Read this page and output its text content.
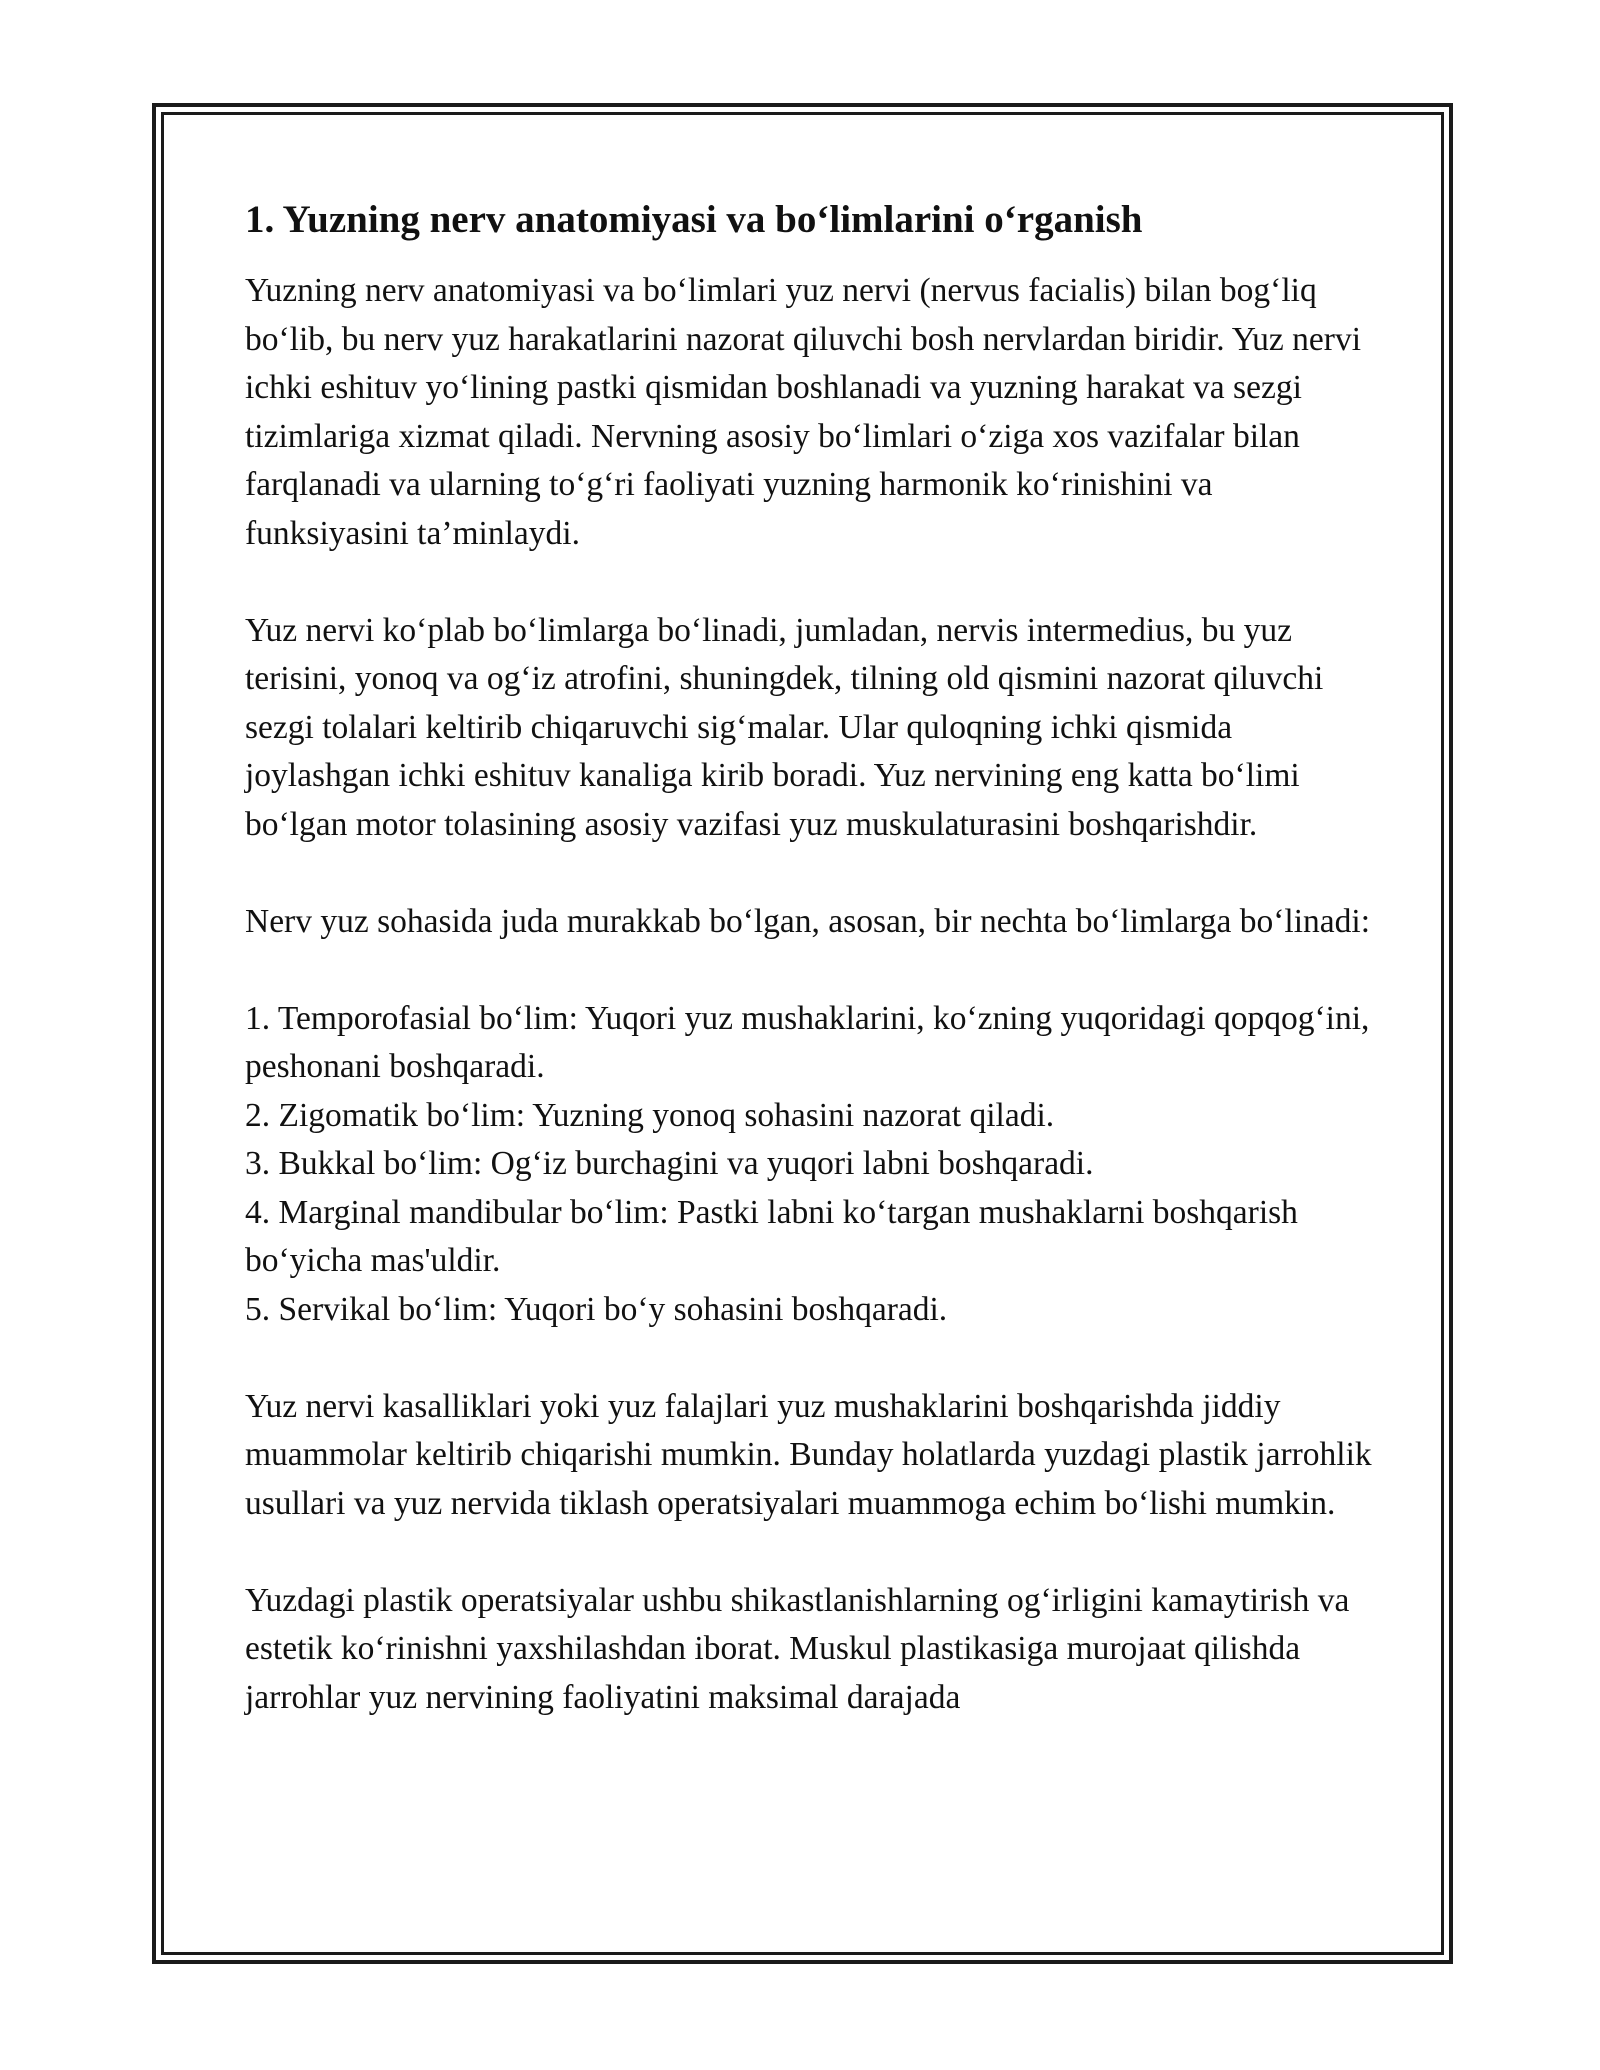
1. Yuzning nerv anatomiyasi va bo‘limlarini o‘rganish

Yuzning nerv anatomiyasi va bo‘limlari yuz nervi (nervus facialis) bilan bog‘liq bo‘lib, bu nerv yuz harakatlarini nazorat qiluvchi bosh nervlardan biridir. Yuz nervi ichki eshituv yo‘lining pastki qismidan boshlanadi va yuzning harakat va sezgi tizimlariga xizmat qiladi. Nervning asosiy bo‘limlari o‘ziga xos vazifalar bilan farqlanadi va ularning to‘g‘ri faoliyati yuzning harmonik ko‘rinishini va funksiyasini ta’minlaydi.

Yuz nervi ko‘plab bo‘limlarga bo‘linadi, jumladan, nervis intermedius, bu yuz terisini, yonoq va og‘iz atrofini, shuningdek, tilning old qismini nazorat qiluvchi sezgi tolalari keltirib chiqaruvchi sig‘malar. Ular quloqning ichki qismida joylashgan ichki eshituv kanaliga kirib boradi. Yuz nervining eng katta bo‘limi bo‘lgan motor tolasining asosiy vazifasi yuz muskulaturasini boshqarishdir.

Nerv yuz sohasida juda murakkab bo‘lgan, asosan, bir nechta bo‘limlarga bo‘linadi:

1. Temporofasial bo‘lim: Yuqori yuz mushaklarini, ko‘zning yuqoridagi qopqog‘ini, peshonani boshqaradi.
2. Zigomatik bo‘lim: Yuzning yonoq sohasini nazorat qiladi.
3. Bukkal bo‘lim: Og‘iz burchagini va yuqori labni boshqaradi.
4. Marginal mandibular bo‘lim: Pastki labni ko‘targan mushaklarni boshqarish bo‘yicha mas'uldir.
5. Servikal bo‘lim: Yuqori bo‘y sohasini boshqaradi.

Yuz nervi kasalliklari yoki yuz falajlari yuz mushaklarini boshqarishda jiddiy muammolar keltirib chiqarishi mumkin. Bunday holatlarda yuzdagi plastik jarrohlik usullari va yuz nervida tiklash operatsiyalari muammoga echim bo‘lishi mumkin.

Yuzdagi plastik operatsiyalar ushbu shikastlanishlarning og‘irligini kamaytirish va estetik ko‘rinishni yaxshilashdan iborat. Muskul plastikasiga murojaat qilishda jarrohlar yuz nervining faoliyatini maksimal darajada
